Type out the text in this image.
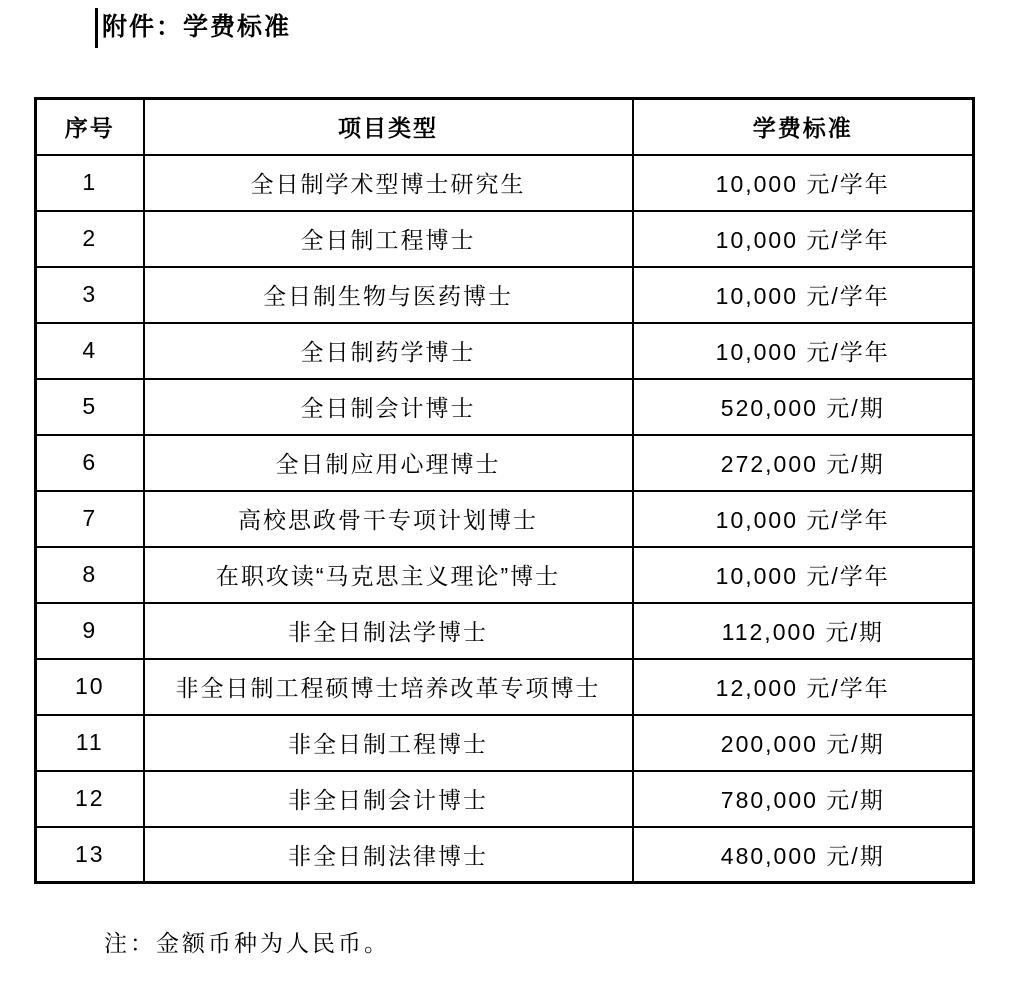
附件：学费标准
序号	项目类型	学费标准
1	全日制学术型博士研究生	10,000 元/学年
2	全日制工程博士	10,000 元/学年
3	全日制生物与医药博士	10,000 元/学年
4	全日制药学博士	10,000 元/学年
5	全日制会计博士	520,000 元/期
6	全日制应用心理博士	272,000 元/期
7	高校思政骨干专项计划博士	10,000 元/学年
8	在职攻读“马克思主义理论”博士	10,000 元/学年
9	非全日制法学博士	112,000 元/期
10	非全日制工程硕博士培养改革专项博士	12,000 元/学年
11	非全日制工程博士	200,000 元/期
12	非全日制会计博士	780,000 元/期
13	非全日制法律博士	480,000 元/期
注：金额币种为人民币。
